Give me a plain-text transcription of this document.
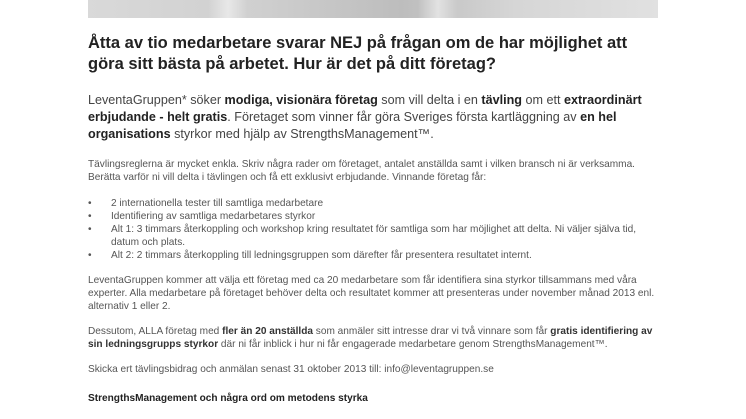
Åtta av tio medarbetare svarar NEJ på frågan om de har möjlighet att göra sitt bästa på arbetet. Hur är det på ditt företag?

LeventaGruppen* söker modiga, visionära företag som vill delta i en tävling om ett extraordinärt erbjudande - helt gratis. Företaget som vinner får göra Sveriges första kartläggning av en hel organisations styrkor med hjälp av StrengthsManagement™.

Tävlingsreglerna är mycket enkla. Skriv några rader om företaget, antalet anställda samt i vilken bransch ni är verksamma. Berätta varför ni vill delta i tävlingen och få ett exklusivt erbjudande. Vinnande företag får:

• 2 internationella tester till samtliga medarbetare
• Identifiering av samtliga medarbetares styrkor
• Alt 1: 3 timmars återkoppling och workshop kring resultatet för samtliga som har möjlighet att delta. Ni väljer själva tid, datum och plats.
• Alt 2: 2 timmars återkoppling till ledningsgruppen som därefter får presentera resultatet internt.

LeventaGruppen kommer att välja ett företag med ca 20 medarbetare som får identifiera sina styrkor tillsammans med våra experter. Alla medarbetare på företaget behöver delta och resultatet kommer att presenteras under november månad 2013 enl. alternativ 1 eller 2.

Dessutom, ALLA företag med fler än 20 anställda som anmäler sitt intresse drar vi två vinnare som får gratis identifiering av sin ledningsgrupps styrkor där ni får inblick i hur ni får engagerade medarbetare genom StrengthsManagement™.

Skicka ert tävlingsbidrag och anmälan senast 31 oktober 2013 till: info@leventagruppen.se

StrengthsManagement och några ord om metodens styrka
